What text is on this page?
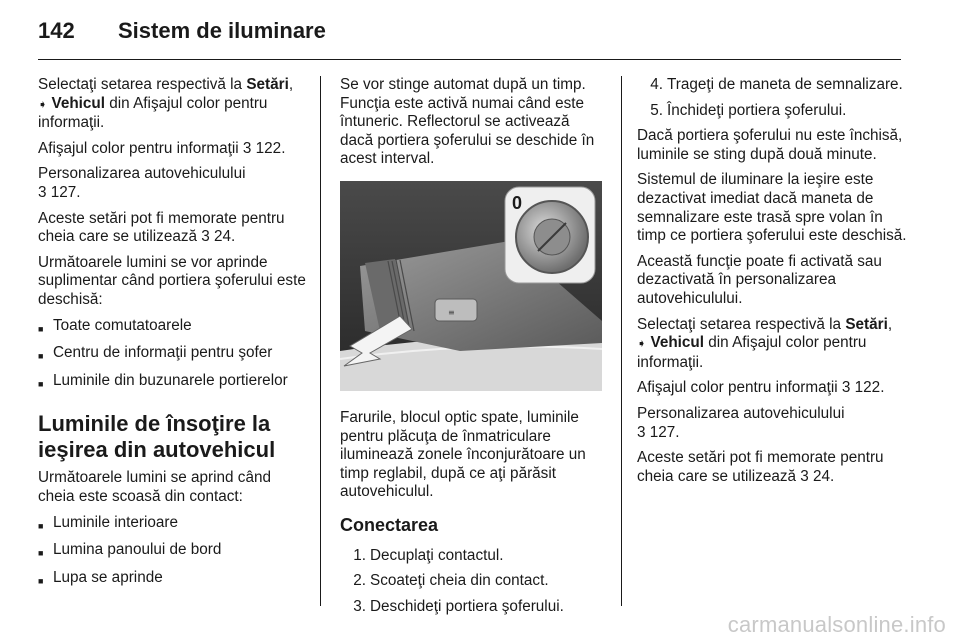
142 Sistem de iluminare

Selectaţi setarea respectivă la Setări,
➧ Vehicul din Afişajul color pentru informaţii.

Afişajul color pentru informaţii 3 122.

Personalizarea autovehiculului
3 127.

Aceste setări pot fi memorate pentru cheia care se utilizează 3 24.

Următoarele lumini se vor aprinde suplimentar când portiera şoferului este deschisă:

■ Toate comutatoarele
■ Centru de informaţii pentru şofer
■ Luminile din buzunarele portierelor
Luminile de însoţire la ieşirea din autovehicul

Următoarele lumini se aprind când cheia este scoasă din contact:

■ Luminile interioare
■ Lumina panoului de bord
■ Lupa se aprinde

Se vor stinge automat după un timp. Funcţia este activă numai când este întuneric. Reflectorul se activează dacă portiera şoferului se deschide în acest interval.

≡
0

Farurile, blocul optic spate, luminile pentru plăcuţa de înmatriculare iluminează zonele înconjurătoare un timp reglabil, după ce aţi părăsit autovehiculul.

Conectarea
1. Decuplaţi contactul.
2. Scoateţi cheia din contact.
3. Deschideţi portiera şoferului.
4. Trageţi de maneta de semnalizare.
5. Închideţi portiera şoferului.

Dacă portiera şoferului nu este închisă, luminile se sting după două minute.

Sistemul de iluminare la ieşire este dezactivat imediat dacă maneta de semnalizare este trasă spre volan în timp ce portiera şoferului este deschisă.

Această funcţie poate fi activată sau dezactivată în personalizarea autovehiculului.

Selectaţi setarea respectivă la Setări,
➧ Vehicul din Afişajul color pentru informaţii.

Afişajul color pentru informaţii 3 122.

Personalizarea autovehiculului
3 127.

Aceste setări pot fi memorate pentru cheia care se utilizează 3 24.

carmanualsonline.info
